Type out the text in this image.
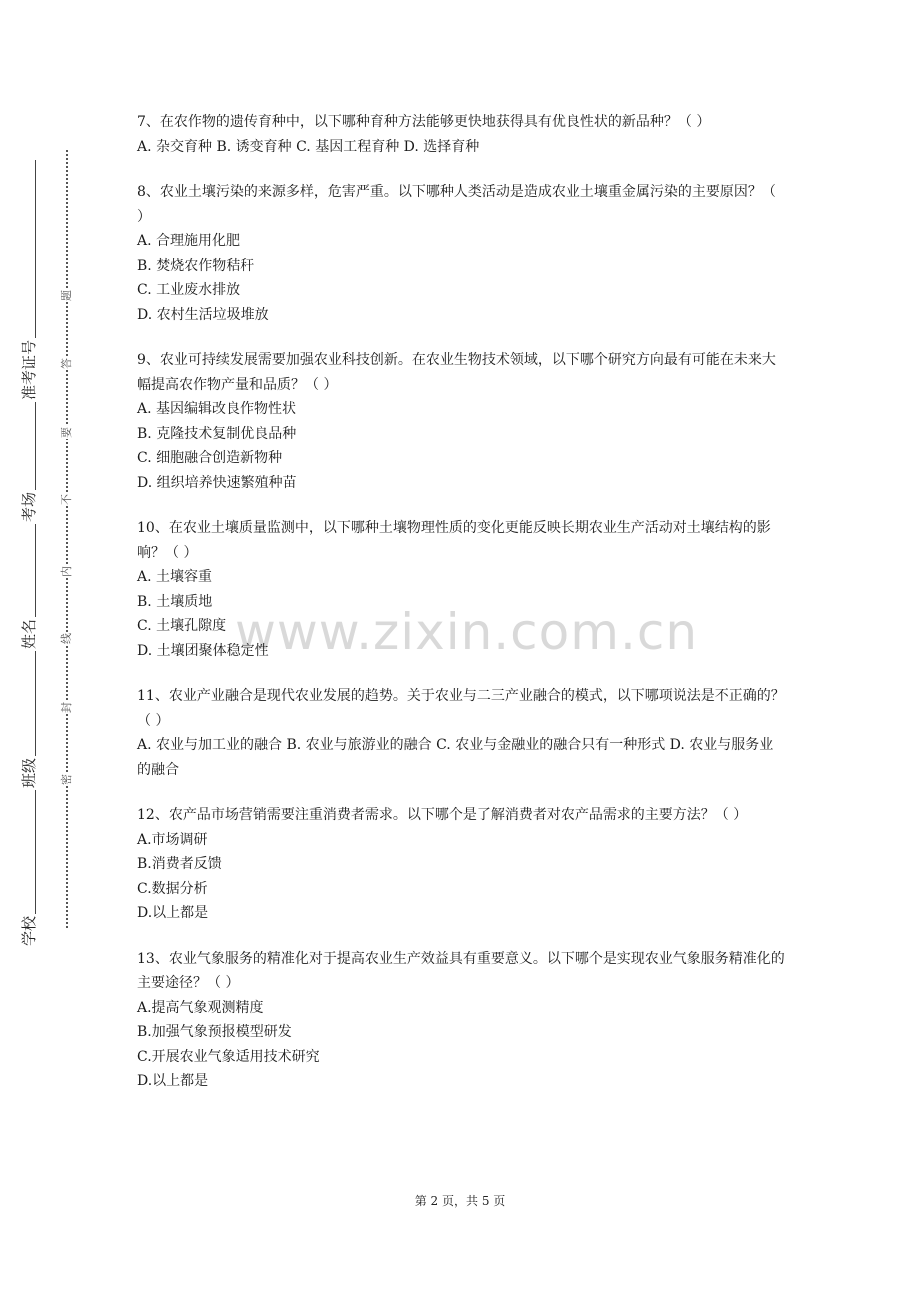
学校
班级
姓名
考场
准考证号
密
封
线
内
不
要
答
题
www.zixin.com.cn

7、在农作物的遗传育种中，以下哪种育种方法能够更快地获得具有优良性状的新品种？（ ）

A. 杂交育种 B. 诱变育种 C. 基因工程育种 D. 选择育种

8、农业土壤污染的来源多样，危害严重。以下哪种人类活动是造成农业土壤重金属污染的主要原因？（ ）

A. 合理施用化肥

B. 焚烧农作物秸秆

C. 工业废水排放

D. 农村生活垃圾堆放

9、农业可持续发展需要加强农业科技创新。在农业生物技术领域，以下哪个研究方向最有可能在未来大幅提高农作物产量和品质？（ ）

A. 基因编辑改良作物性状

B. 克隆技术复制优良品种

C. 细胞融合创造新物种

D. 组织培养快速繁殖种苗

10、在农业土壤质量监测中，以下哪种土壤物理性质的变化更能反映长期农业生产活动对土壤结构的影响？（ ）

A. 土壤容重

B. 土壤质地

C. 土壤孔隙度

D. 土壤团聚体稳定性

11、农业产业融合是现代农业发展的趋势。关于农业与二三产业融合的模式，以下哪项说法是不正确的？（ ）

A. 农业与加工业的融合 B. 农业与旅游业的融合 C. 农业与金融业的融合只有一种形式 D. 农业与服务业的融合

12、农产品市场营销需要注重消费者需求。以下哪个是了解消费者对农产品需求的主要方法？（ ）

A.市场调研

B.消费者反馈

C.数据分析

D.以上都是

13、农业气象服务的精准化对于提高农业生产效益具有重要意义。以下哪个是实现农业气象服务精准化的主要途径？（ ）

A.提高气象观测精度

B.加强气象预报模型研发

C.开展农业气象适用技术研究

D.以上都是

第 2 页，共 5 页
